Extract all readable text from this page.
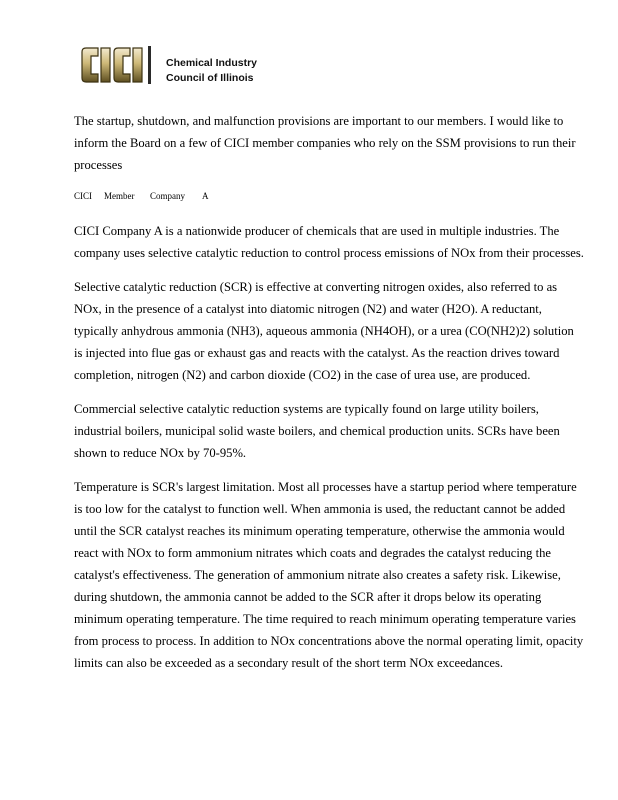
Chemical Industry
Council of Illinois

The startup, shutdown, and malfunction provisions are important to our members. I would like to inform the Board on a few of CICI member companies who rely on the SSM provisions to run their processes

CICI	Member	Company	A

CICI Company A is a nationwide producer of chemicals that are used in multiple industries. The company uses selective catalytic reduction to control process emissions of NOx from their processes.

Selective catalytic reduction (SCR) is effective at converting nitrogen oxides, also referred to as NOx, in the presence of a catalyst into diatomic nitrogen (N2) and water (H2O). A reductant, typically anhydrous ammonia (NH3), aqueous ammonia (NH4OH), or a urea (CO(NH2)2) solution is injected into flue gas or exhaust gas and reacts with the catalyst. As the reaction drives toward completion, nitrogen (N2) and carbon dioxide (CO2) in the case of urea use, are produced.

Commercial selective catalytic reduction systems are typically found on large utility boilers, industrial boilers, municipal solid waste boilers, and chemical production units. SCRs have been shown to reduce NOx by 70-95%.

Temperature is SCR's largest limitation. Most all processes have a startup period where temperature is too low for the catalyst to function well. When ammonia is used, the reductant cannot be added until the SCR catalyst reaches its minimum operating temperature, otherwise the ammonia would react with NOx to form ammonium nitrates which coats and degrades the catalyst reducing the catalyst's effectiveness. The generation of ammonium nitrate also creates a safety risk. Likewise, during shutdown, the ammonia cannot be added to the SCR after it drops below its operating minimum operating temperature. The time required to reach minimum operating temperature varies from process to process. In addition to NOx concentrations above the normal operating limit, opacity limits can also be exceeded as a secondary result of the short term NOx exceedances.
